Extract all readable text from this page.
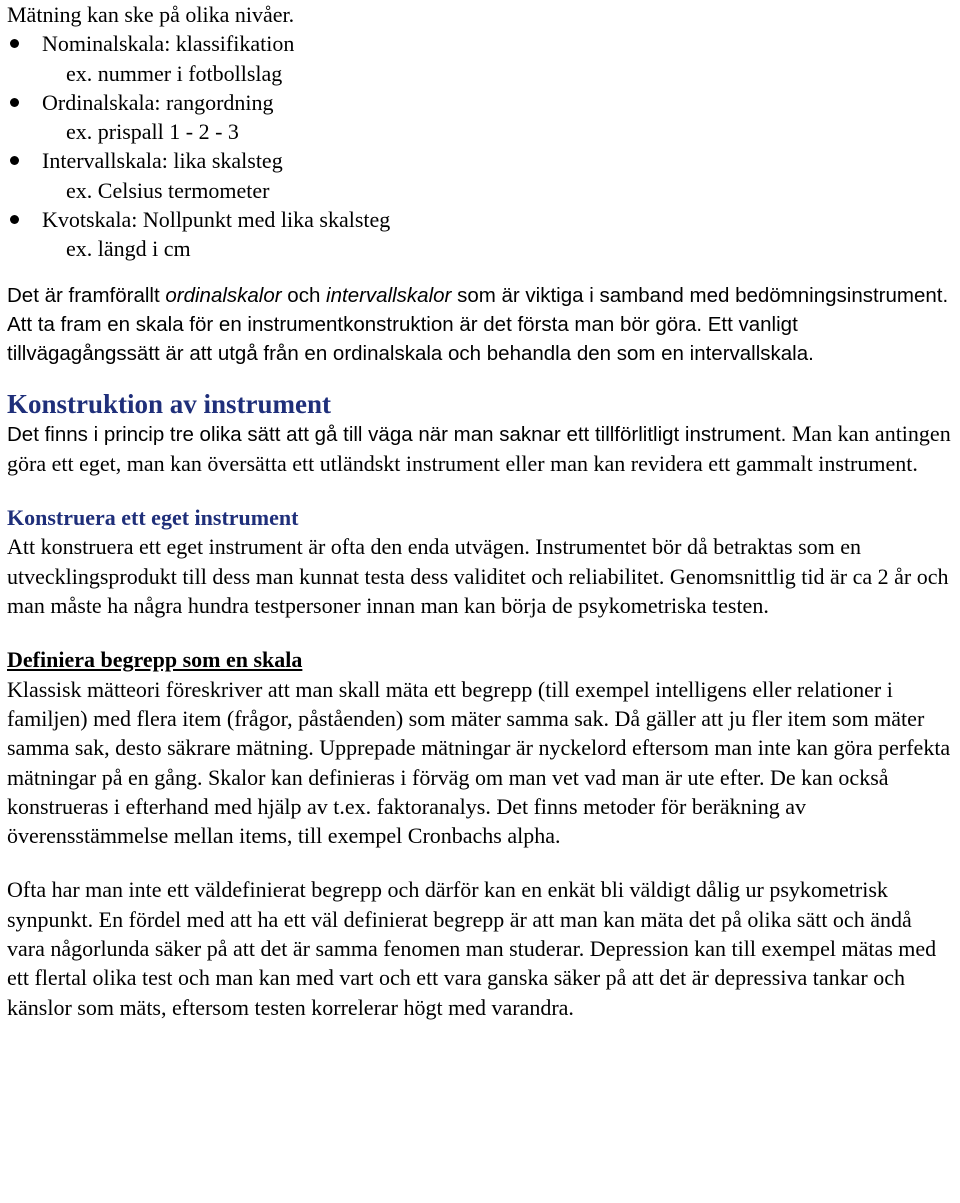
Mätning kan ske på olika nivåer.

Nominalskala: klassifikation
ex. nummer i fotbollslag
Ordinalskala: rangordning
ex. prispall 1 - 2 - 3
Intervallskala: lika skalsteg
ex. Celsius termometer
Kvotskala: Nollpunkt med lika skalsteg
ex. längd i cm

Det är framförallt ordinalskalor och intervallskalor som är viktiga i samband med bedömningsinstrument. Att ta fram en skala för en instrumentkonstruktion är det första man bör göra. Ett vanligt tillvägagångssätt är att utgå från en ordinalskala och behandla den som en intervallskala.

Konstruktion av instrument

Det finns i princip tre olika sätt att gå till väga när man saknar ett tillförlitligt instrument. Man kan antingen göra ett eget, man kan översätta ett utländskt instrument eller man kan revidera ett gammalt instrument.

Konstruera ett eget instrument

Att konstruera ett eget instrument är ofta den enda utvägen. Instrumentet bör då betraktas som en utvecklingsprodukt till dess man kunnat testa dess validitet och reliabilitet. Genomsnittlig tid är ca 2 år och man måste ha några hundra testpersoner innan man kan börja de psykometriska testen.

Definiera begrepp som en skala

Klassisk mätteori föreskriver att man skall mäta ett begrepp (till exempel intelligens eller relationer i familjen) med flera item (frågor, påståenden) som mäter samma sak. Då gäller att ju fler item som mäter samma sak, desto säkrare mätning. Upprepade mätningar är nyckelord eftersom man inte kan göra perfekta mätningar på en gång. Skalor kan definieras i förväg om man vet vad man är ute efter. De kan också konstrueras i efterhand med hjälp av t.ex. faktoranalys. Det finns metoder för beräkning av överensstämmelse mellan items, till exempel Cronbachs alpha.

Ofta har man inte ett väldefinierat begrepp och därför kan en enkät bli väldigt dålig ur psykometrisk synpunkt. En fördel med att ha ett väl definierat begrepp är att man kan mäta det på olika sätt och ändå vara någorlunda säker på att det är samma fenomen man studerar. Depression kan till exempel mätas med ett flertal olika test och man kan med vart och ett vara ganska säker på att det är depressiva tankar och känslor som mäts, eftersom testen korrelerar högt med varandra.
